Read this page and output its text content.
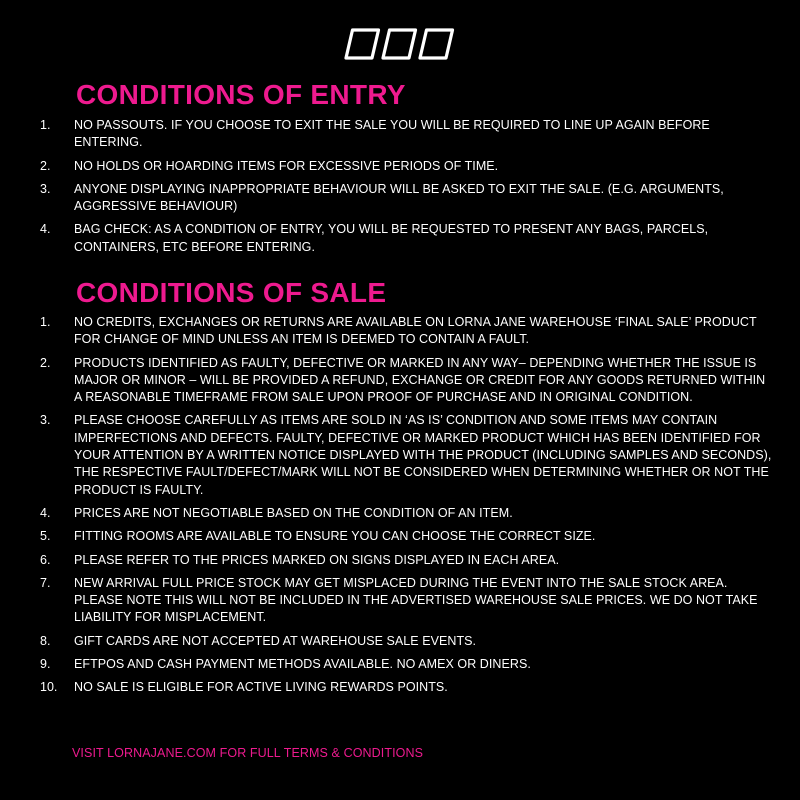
CONDITIONS OF ENTRY
1.	NO PASSOUTS. IF YOU CHOOSE TO EXIT THE SALE YOU WILL BE REQUIRED TO LINE UP AGAIN BEFORE ENTERING.
2.	NO HOLDS OR HOARDING ITEMS FOR EXCESSIVE PERIODS OF TIME.
3.	ANYONE DISPLAYING INAPPROPRIATE BEHAVIOUR WILL BE ASKED TO EXIT THE SALE. (E.G. ARGUMENTS, AGGRESSIVE BEHAVIOUR)
4.	BAG CHECK: AS A CONDITION OF ENTRY, YOU WILL BE REQUESTED TO PRESENT ANY BAGS, PARCELS, CONTAINERS, ETC BEFORE ENTERING.
CONDITIONS OF SALE
1.	NO CREDITS, EXCHANGES OR RETURNS ARE AVAILABLE ON LORNA JANE WAREHOUSE ‘FINAL SALE’ PRODUCT FOR CHANGE OF MIND UNLESS AN ITEM IS DEEMED TO CONTAIN A FAULT.
2.	PRODUCTS IDENTIFIED AS FAULTY, DEFECTIVE OR MARKED IN ANY WAY– DEPENDING WHETHER THE ISSUE IS MAJOR OR MINOR – WILL BE PROVIDED A REFUND, EXCHANGE OR CREDIT FOR ANY GOODS RETURNED WITHIN A REASONABLE TIMEFRAME FROM SALE UPON PROOF OF PURCHASE AND IN ORIGINAL CONDITION.
3.	PLEASE CHOOSE CAREFULLY AS ITEMS ARE SOLD IN ‘AS IS’ CONDITION AND SOME ITEMS MAY CONTAIN IMPERFECTIONS AND DEFECTS. FAULTY, DEFECTIVE OR MARKED PRODUCT WHICH HAS BEEN IDENTIFIED FOR YOUR ATTENTION BY A WRITTEN NOTICE DISPLAYED WITH THE PRODUCT (INCLUDING SAMPLES AND SECONDS), THE RESPECTIVE FAULT/DEFECT/MARK WILL NOT BE CONSIDERED WHEN DETERMINING WHETHER OR NOT THE PRODUCT IS FAULTY.
4.	PRICES ARE NOT NEGOTIABLE BASED ON THE CONDITION OF AN ITEM.
5.	FITTING ROOMS ARE AVAILABLE TO ENSURE YOU CAN CHOOSE THE CORRECT SIZE.
6.	PLEASE REFER TO THE PRICES MARKED ON SIGNS DISPLAYED IN EACH AREA.
7.	NEW ARRIVAL FULL PRICE STOCK MAY GET MISPLACED DURING THE EVENT INTO THE SALE STOCK AREA. PLEASE NOTE THIS WILL NOT BE INCLUDED IN THE ADVERTISED WAREHOUSE SALE PRICES. WE DO NOT TAKE LIABILITY FOR MISPLACEMENT.
8.	GIFT CARDS ARE NOT ACCEPTED AT WAREHOUSE SALE EVENTS.
9.	EFTPOS AND CASH PAYMENT METHODS AVAILABLE. NO AMEX OR DINERS.
10.	NO SALE IS ELIGIBLE FOR ACTIVE LIVING REWARDS POINTS.
VISIT LORNAJANE.COM FOR FULL TERMS & CONDITIONS
